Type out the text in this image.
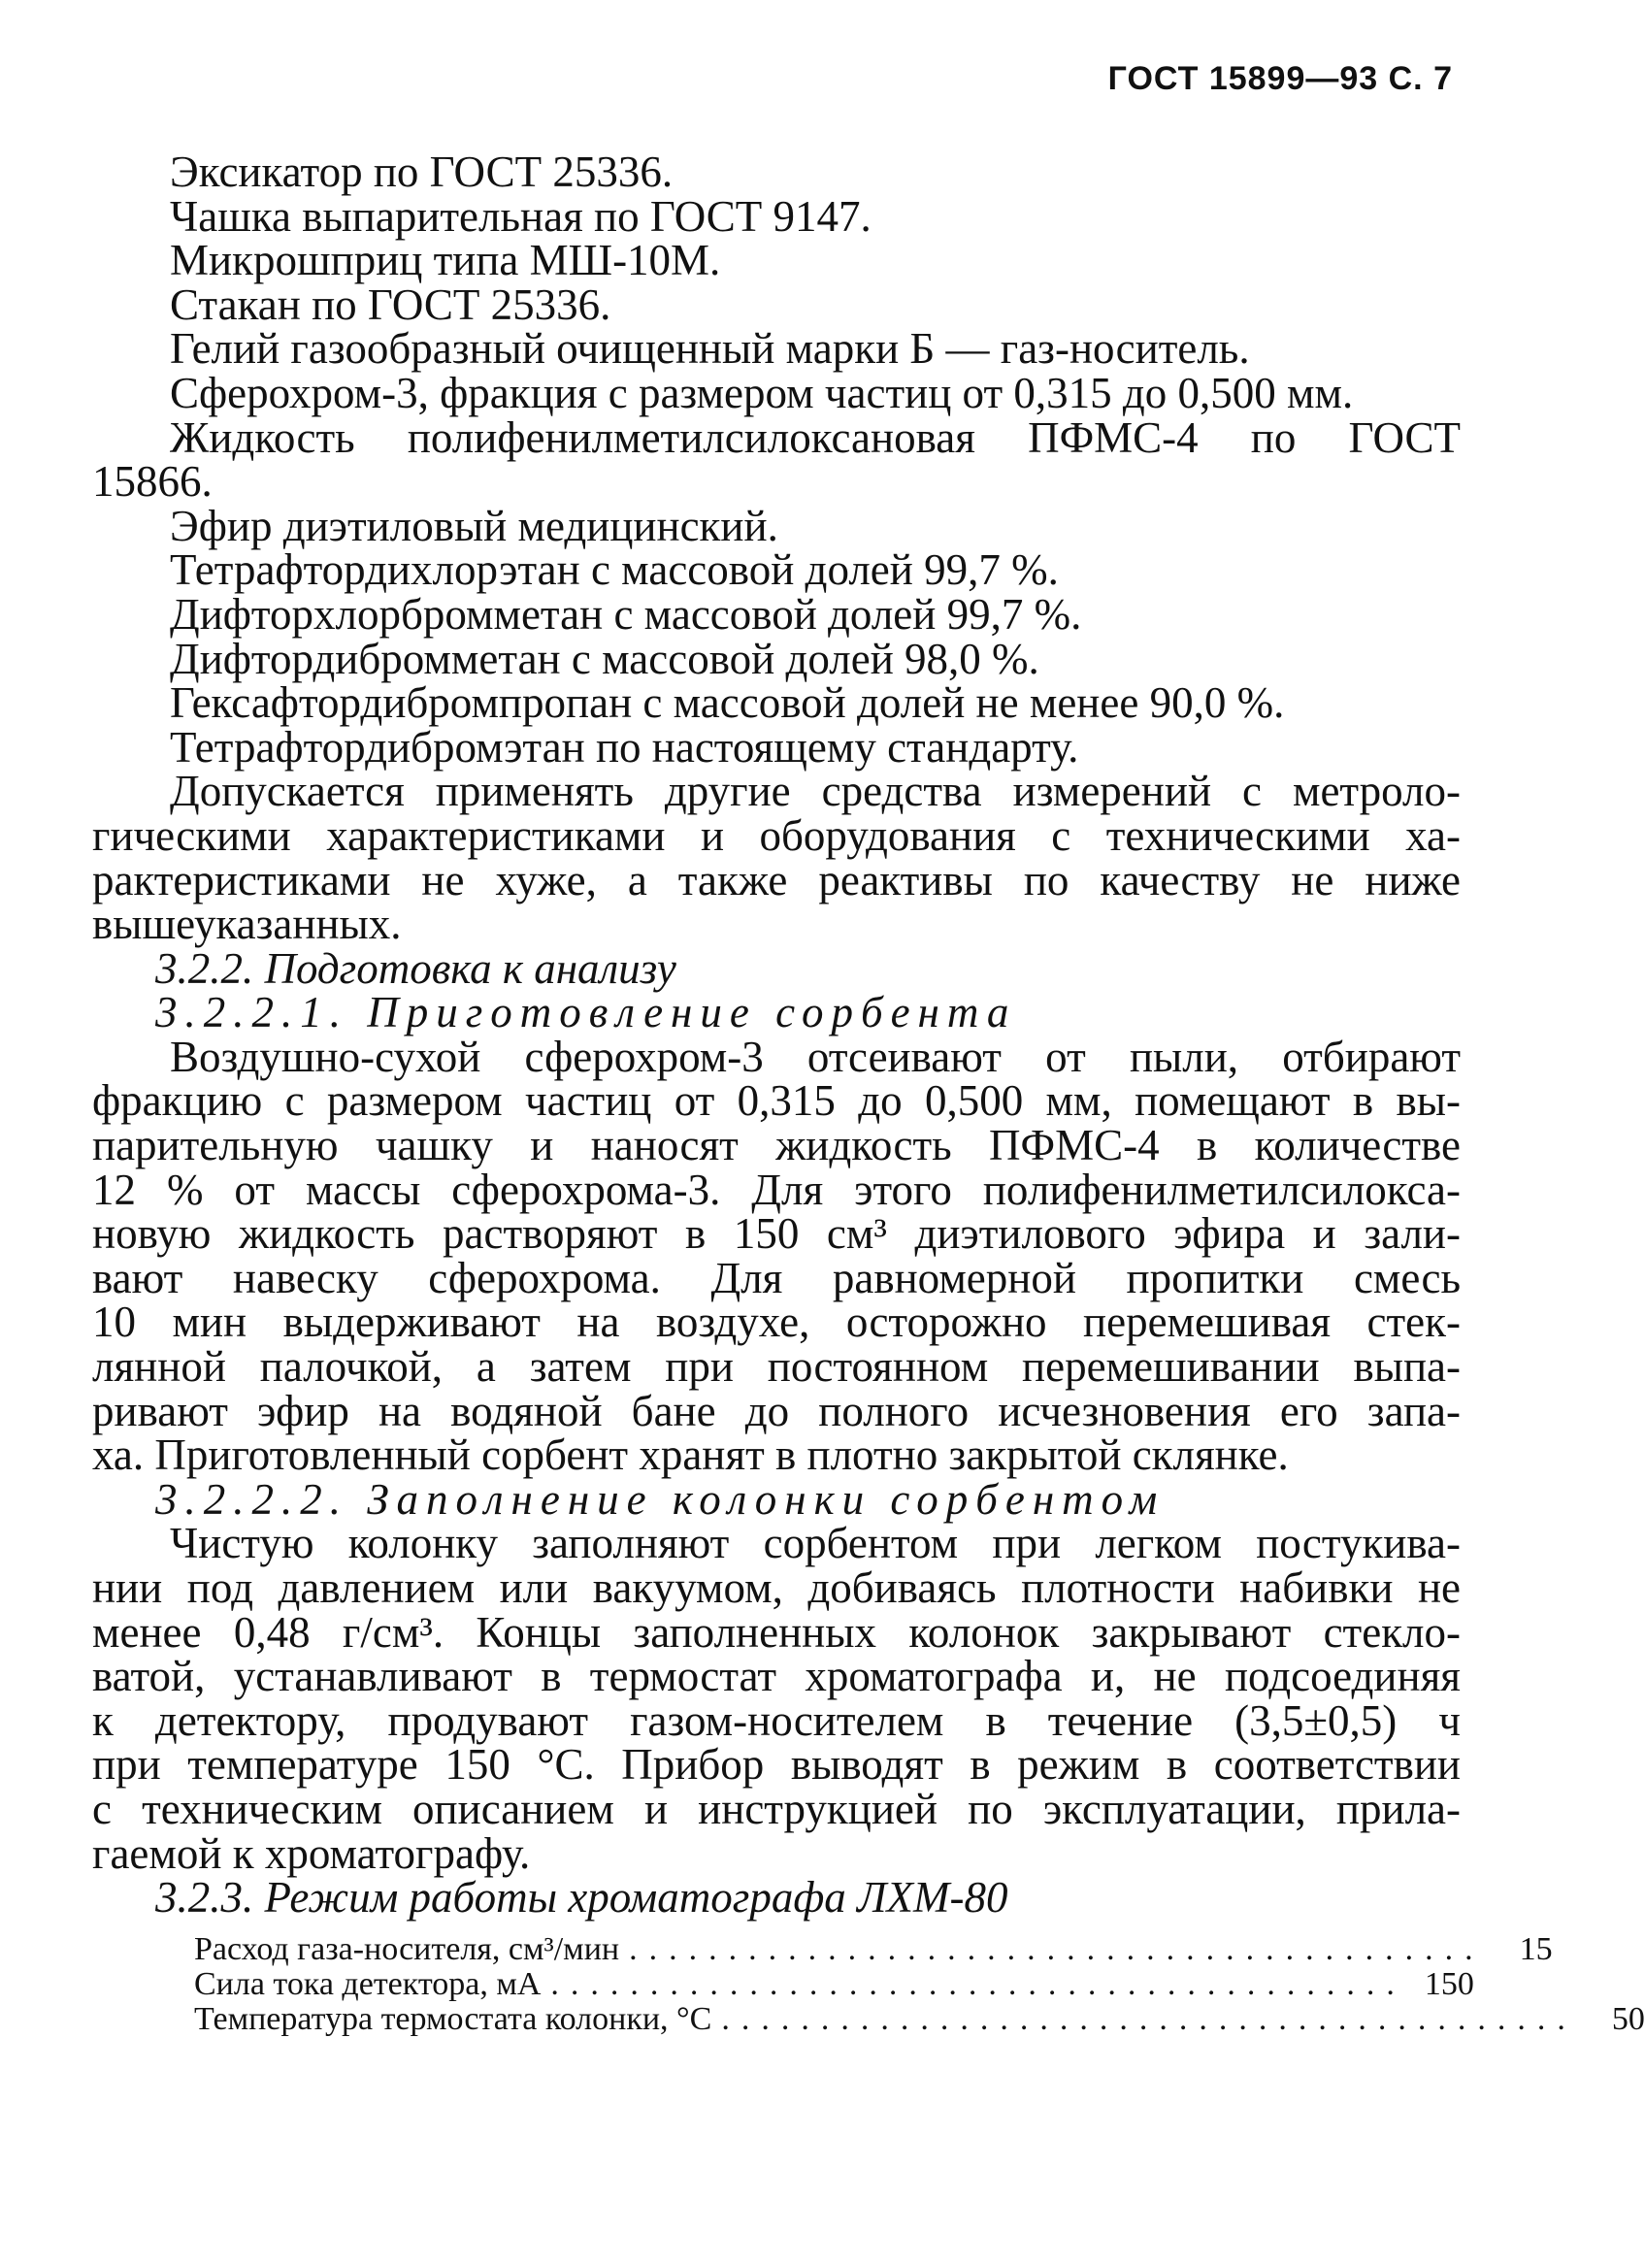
ГОСТ 15899—93 С. 7
Эксикатор по ГОСТ 25336.
Чашка выпарительная по ГОСТ 9147.
Микрошприц типа МШ-10М.
Стакан по ГОСТ 25336.
Гелий газообразный очищенный марки Б — газ-носитель.
Сферохром-3, фракция с размером частиц от 0,315 до 0,500 мм.
Жидкость полифенилметилсилоксановая ПФМС-4 по ГОСТ
15866.
Эфир диэтиловый медицинский.
Тетрафтордихлорэтан с массовой долей 99,7 %.
Дифторхлорбромметан с массовой долей 99,7 %.
Дифтордибромметан с массовой долей 98,0 %.
Гексафтордибромпропан с массовой долей не менее 90,0 %.
Тетрафтордибромэтан по настоящему стандарту.
Допускается применять другие средства измерений с метроло-
гическими характеристиками и оборудования с техническими ха-
рактеристиками не хуже, а также реактивы по качеству не ниже
вышеуказанных.
3.2.2. Подготовка к анализу
3.2.2.1. Приготовление сорбента
Воздушно-сухой сферохром-3 отсеивают от пыли, отбирают
фракцию с размером частиц от 0,315 до 0,500 мм, помещают в вы-
парительную чашку и наносят жидкость ПФМС-4 в количестве
12 % от массы сферохрома-3. Для этого полифенилметилсилокса-
новую жидкость растворяют в 150 см³ диэтилового эфира и зали-
вают навеску сферохрома. Для равномерной пропитки смесь
10 мин выдерживают на воздухе, осторожно перемешивая стек-
лянной палочкой, а затем при постоянном перемешивании выпа-
ривают эфир на водяной бане до полного исчезновения его запа-
ха. Приготовленный сорбент хранят в плотно закрытой склянке.
3.2.2.2. Заполнение колонки сорбентом
Чистую колонку заполняют сорбентом при легком постукива-
нии под давлением или вакуумом, добиваясь плотности набивки не
менее 0,48 г/см³. Концы заполненных колонок закрывают стекло-
ватой, устанавливают в термостат хроматографа и, не подсоединяя
к детектору, продувают газом-носителем в течение (3,5±0,5) ч
при температуре 150 °С. Прибор выводят в режим в соответствии
с техническим описанием и инструкцией по эксплуатации, прила-
гаемой к хроматографу.
3.2.3. Режим работы хроматографа ЛХМ-80
Расход газа-носителя, см³/мин ...........................................	15
Сила тока детектора, мА ........................................... 150
Температура термостата колонки, °С ...........................................	50
